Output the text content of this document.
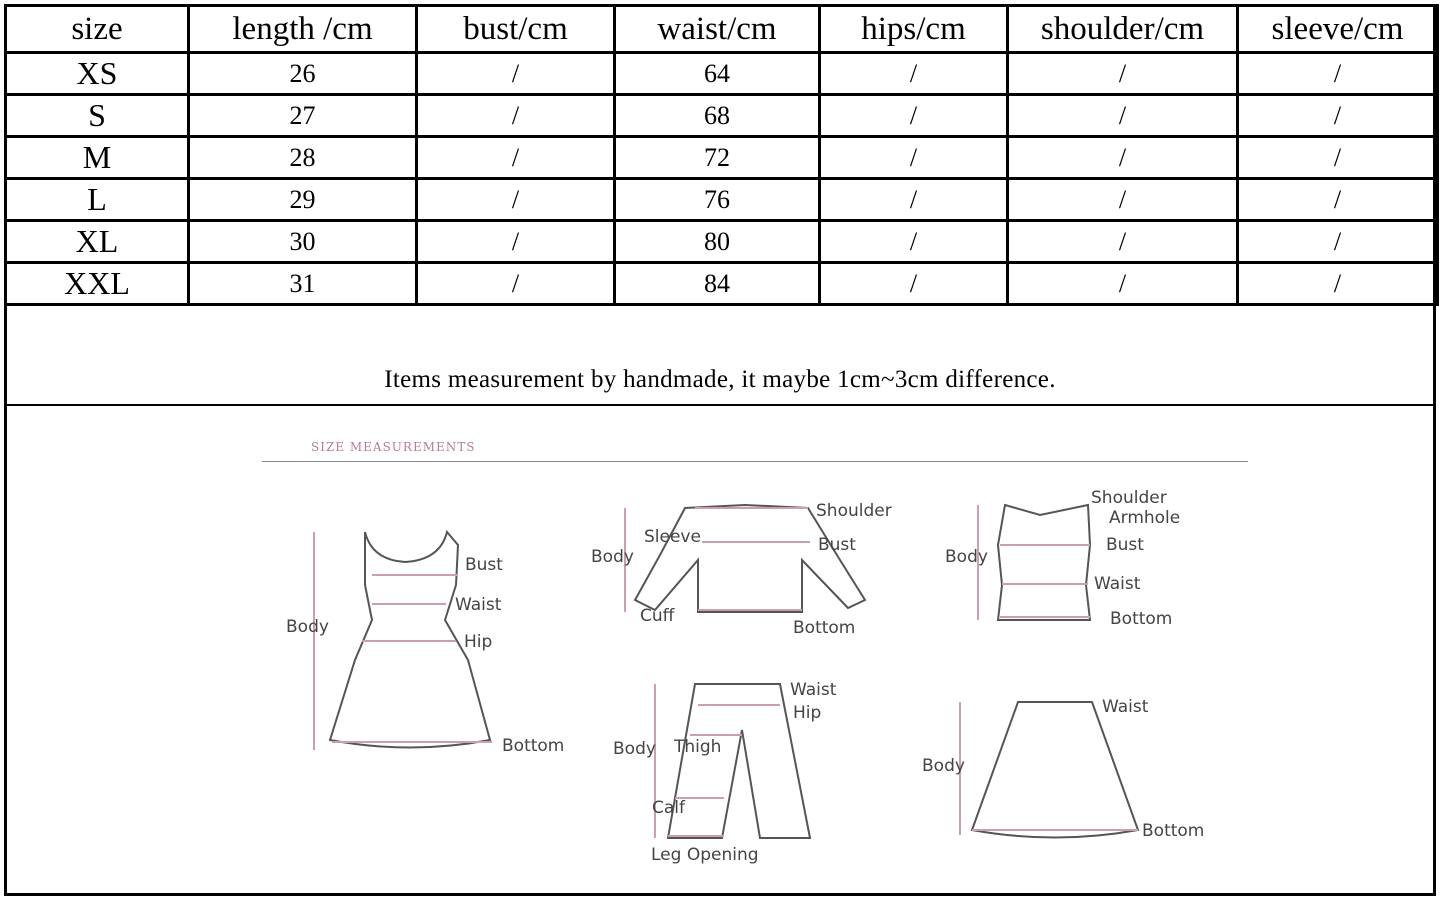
size	length /cm	bust/cm	waist/cm	hips/cm	shoulder/cm	sleeve/cm
XS	26	/	64	/	/	/
S	27	/	68	/	/	/
M	28	/	72	/	/	/
L	29	/	76	/	/	/
XL	30	/	80	/	/	/
XXL	31	/	84	/	/	/
Items measurement by handmade, it maybe 1cm~3cm difference.
SIZE MEASUREMENTS
Bust
Waist
Body
Hip
Bottom
Shoulder
Sleeve	Bust
Body
Cuff
Bottom
Shoulder
Armhole
Bust
Body
Waist
Bottom
Waist
Hip
Body Thigh
Calf
Leg Opening
Waist
Body
Bottom
